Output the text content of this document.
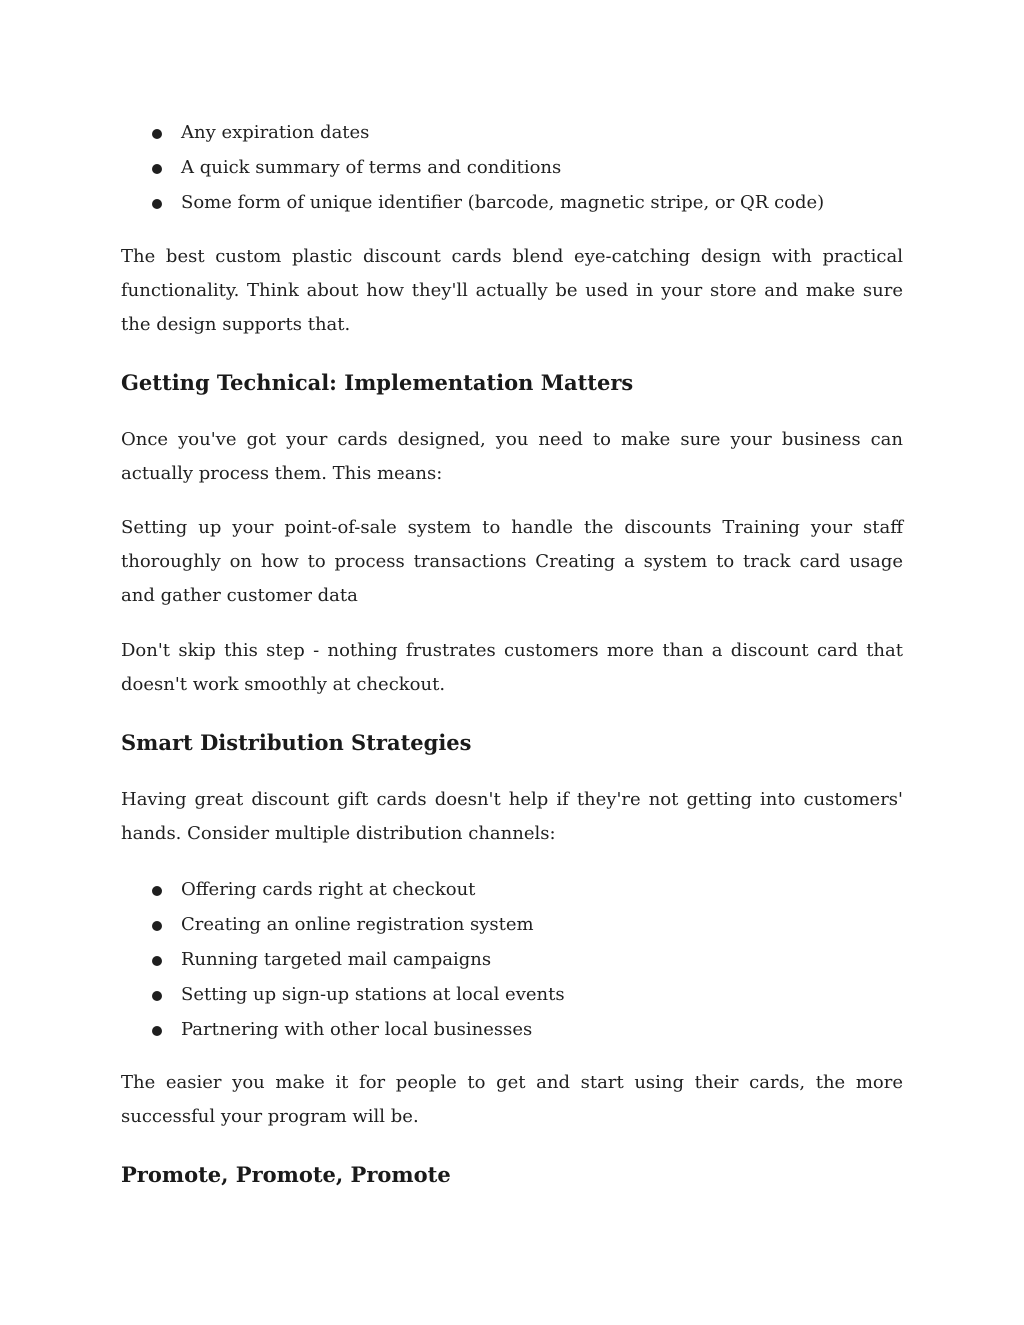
Any expiration dates
A quick summary of terms and conditions
Some form of unique identifier (barcode, magnetic stripe, or QR code)

The best custom plastic discount cards blend eye-catching design with practical functionality. Think about how they'll actually be used in your store and make sure the design supports that.

Getting Technical: Implementation Matters

Once you've got your cards designed, you need to make sure your business can actually process them. This means:

Setting up your point-of-sale system to handle the discounts Training your staff thoroughly on how to process transactions Creating a system to track card usage and gather customer data

Don't skip this step - nothing frustrates customers more than a discount card that doesn't work smoothly at checkout.

Smart Distribution Strategies

Having great discount gift cards doesn't help if they're not getting into customers' hands. Consider multiple distribution channels:

Offering cards right at checkout
Creating an online registration system
Running targeted mail campaigns
Setting up sign-up stations at local events
Partnering with other local businesses

The easier you make it for people to get and start using their cards, the more successful your program will be.

Promote, Promote, Promote
